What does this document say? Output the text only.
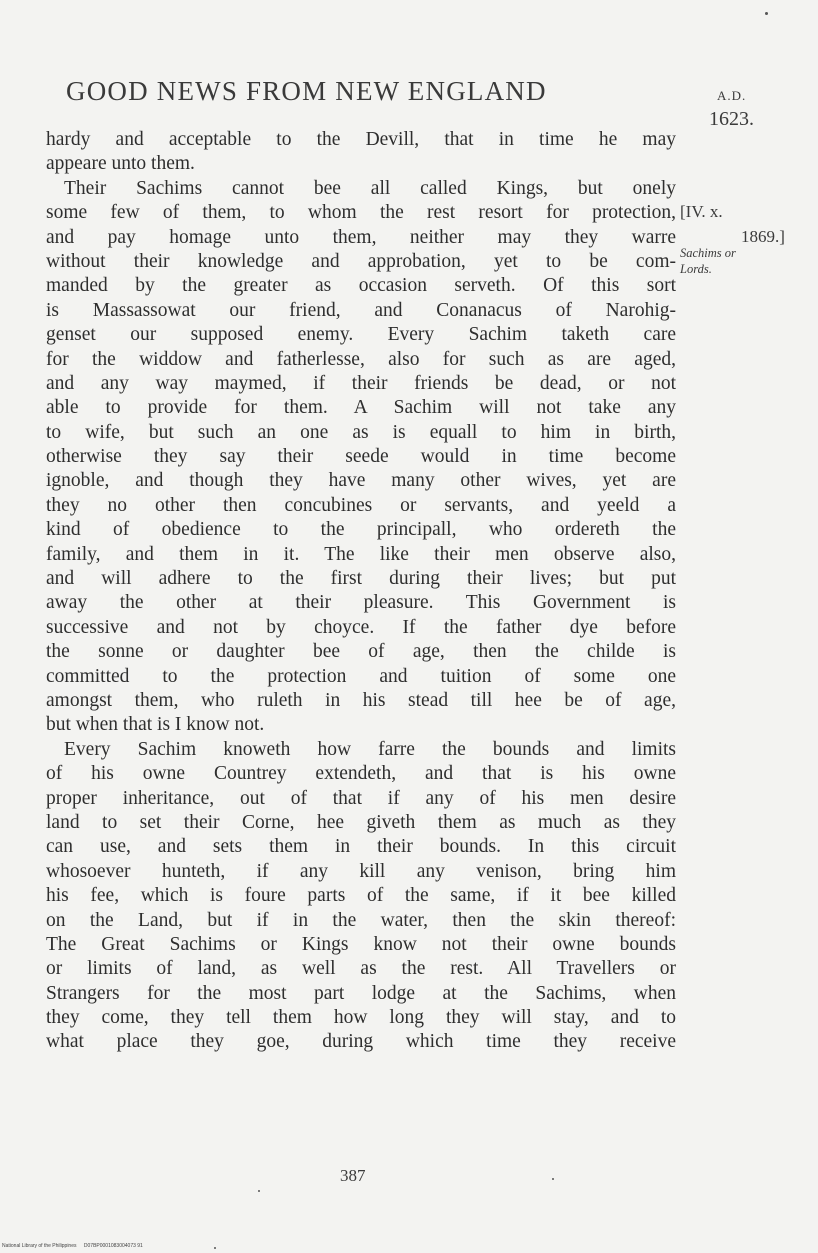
GOOD NEWS FROM NEW ENGLAND	A.D.
1623.
[IV. x.
1869.]
Sachims or
Lords.
hardy and acceptable to the Devill, that in time he may
appeare unto them.
Their Sachims cannot bee all called Kings, but onely
some few of them, to whom the rest resort for protection,
and pay homage unto them, neither may they warre
without their knowledge and approbation, yet to be com-
manded by the greater as occasion serveth. Of this sort
is Massassowat our friend, and Conanacus of Narohig-
genset our supposed enemy. Every Sachim taketh care
for the widdow and fatherlesse, also for such as are aged,
and any way maymed, if their friends be dead, or not
able to provide for them. A Sachim will not take any
to wife, but such an one as is equall to him in birth,
otherwise they say their seede would in time become
ignoble, and though they have many other wives, yet are
they no other then concubines or servants, and yeeld a
kind of obedience to the principall, who ordereth the
family, and them in it. The like their men observe also,
and will adhere to the first during their lives; but put
away the other at their pleasure. This Government is
successive and not by choyce. If the father dye before
the sonne or daughter bee of age, then the childe is
committed to the protection and tuition of some one
amongst them, who ruleth in his stead till hee be of age,
but when that is I know not.
Every Sachim knoweth how farre the bounds and limits
of his owne Countrey extendeth, and that is his owne
proper inheritance, out of that if any of his men desire
land to set their Corne, hee giveth them as much as they
can use, and sets them in their bounds. In this circuit
whosoever hunteth, if any kill any venison, bring him
his fee, which is foure parts of the same, if it bee killed
on the Land, but if in the water, then the skin thereof:
The Great Sachims or Kings know not their owne bounds
or limits of land, as well as the rest. All Travellers or
Strangers for the most part lodge at the Sachims, when
they come, they tell them how long they will stay, and to
what place they goe, during which time they receive
387
National Library of the Philippines D07BP0001083004073 91
